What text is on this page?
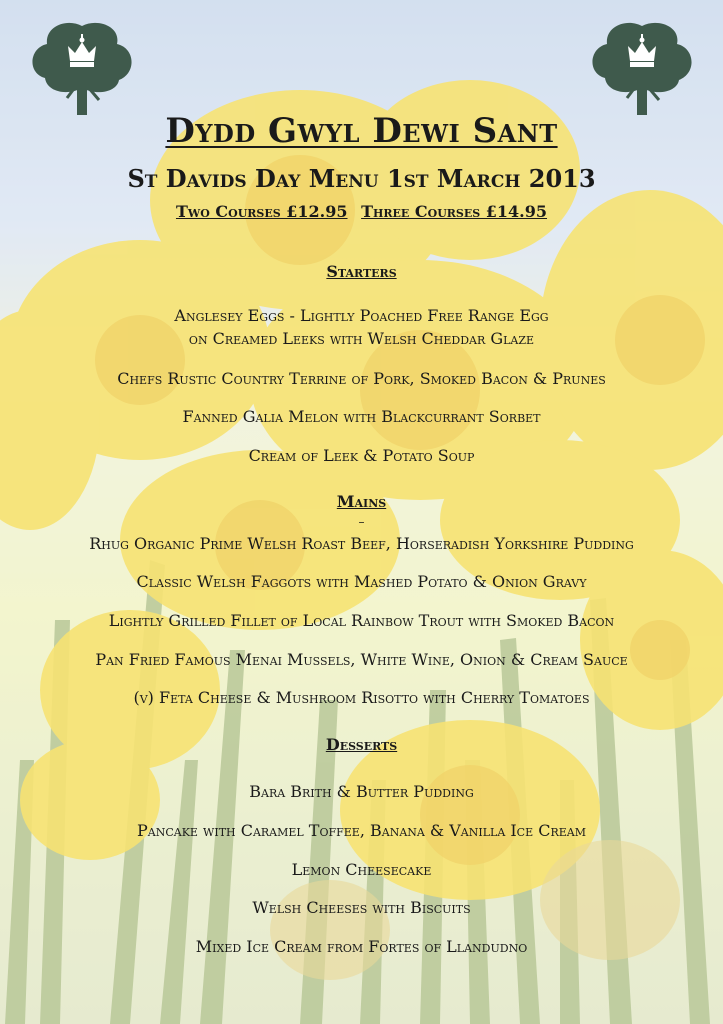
Dydd Gwyl Dewi Sant
St Davids Day Menu 1st March 2013
Two Courses £12.95 Three Courses £14.95
Starters
Anglesey Eggs - Lightly Poached Free Range Egg
on Creamed Leeks with Welsh Cheddar Glaze
Chefs Rustic Country Terrine of Pork, Smoked Bacon & Prunes
Fanned Galia Melon with Blackcurrant Sorbet
Cream of Leek & Potato Soup
Mains
–
Rhug Organic Prime Welsh Roast Beef, Horseradish Yorkshire Pudding
Classic Welsh Faggots with Mashed Potato & Onion Gravy
Lightly Grilled Fillet of Local Rainbow Trout with Smoked Bacon
Pan Fried Famous Menai Mussels, White Wine, Onion & Cream Sauce
(v) Feta Cheese & Mushroom Risotto with Cherry Tomatoes
Desserts
Bara Brith & Butter Pudding
Pancake with Caramel Toffee, Banana & Vanilla Ice Cream
Lemon Cheesecake
Welsh Cheeses with Biscuits
Mixed Ice Cream from Fortes of Llandudno
